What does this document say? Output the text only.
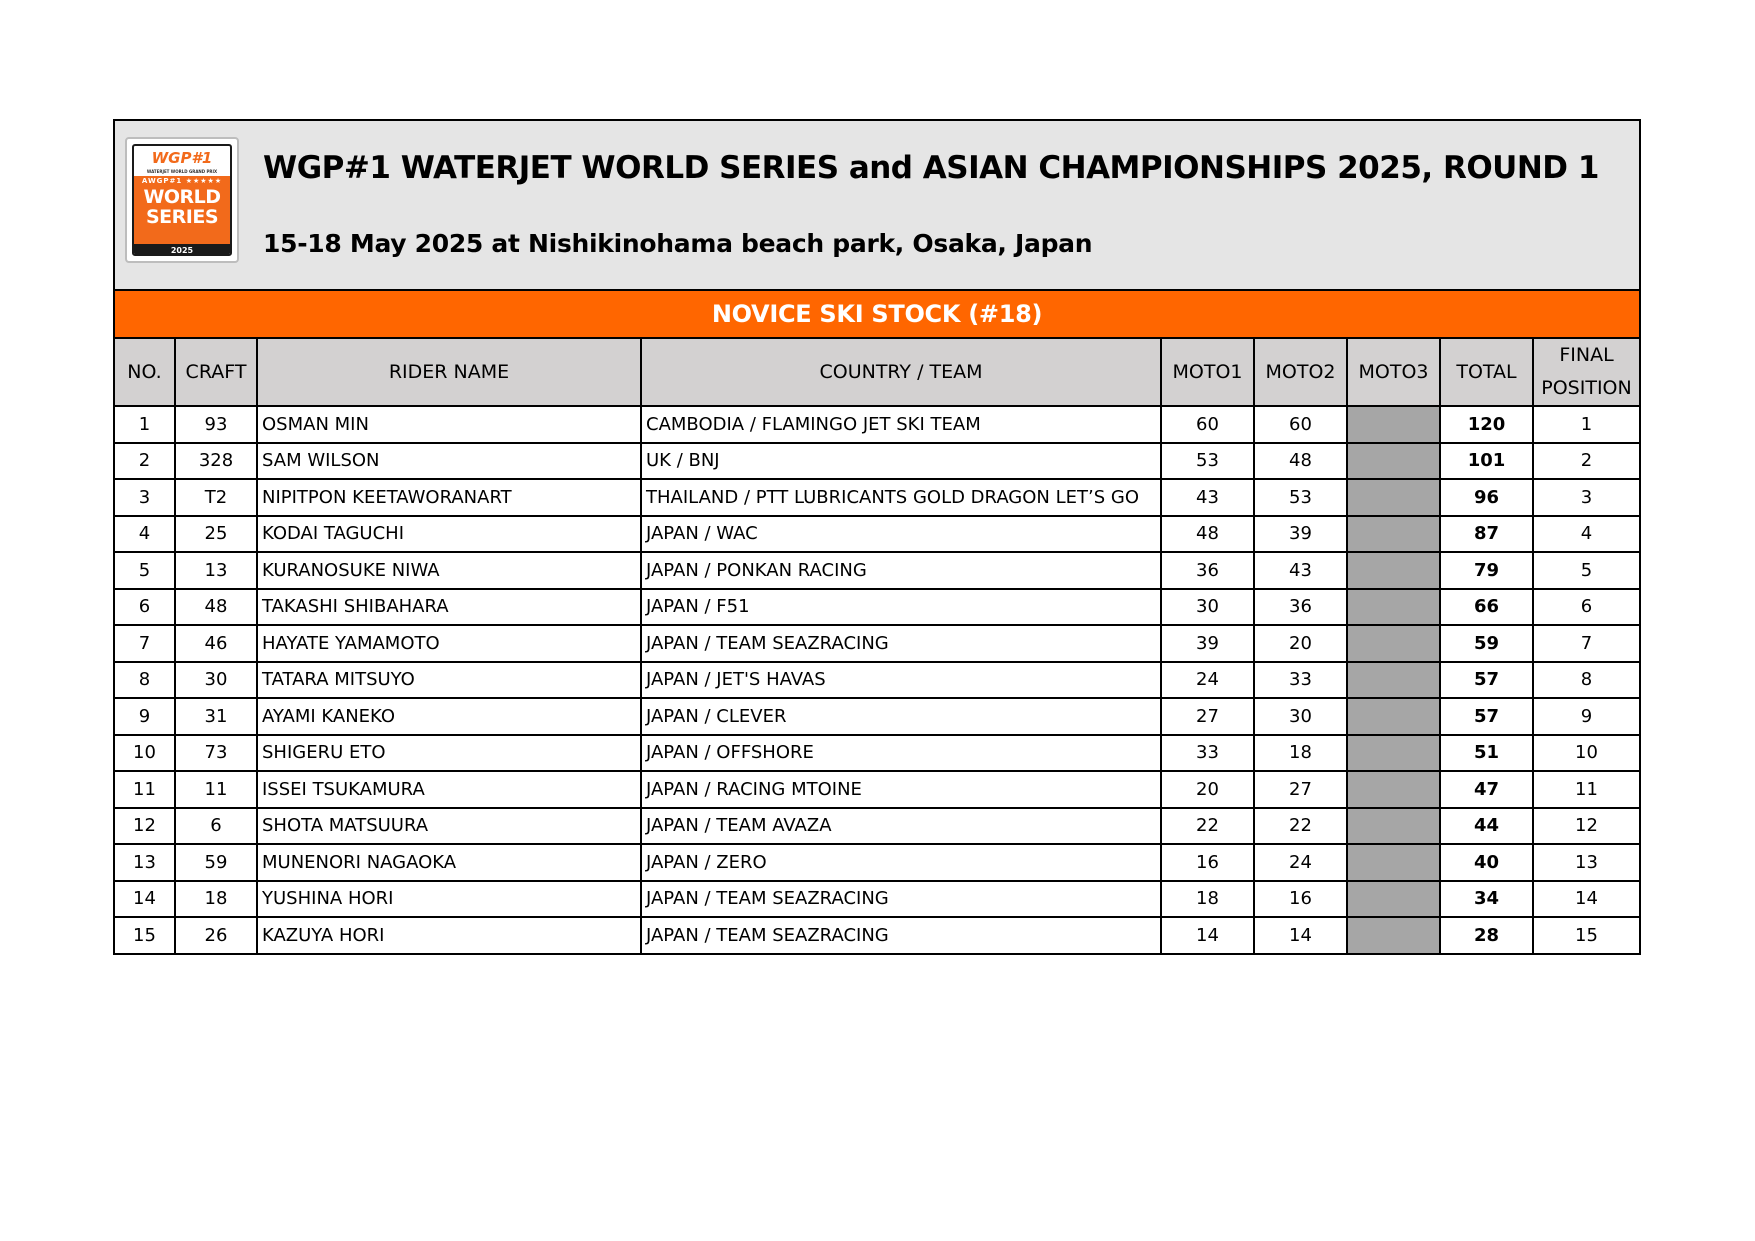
WGP#1
WATERJET WORLD GRAND PRIX
AWGP#1 ★★★★★
WORLD
SERIES
2025
WGP#1 WATERJET WORLD SERIES and ASIAN CHAMPIONSHIPS 2025, ROUND 1
15-18 May 2025 at Nishikinohama beach park, Osaka, Japan
NOVICE SKI STOCK (#18)
NO.	CRAFT	RIDER NAME	COUNTRY / TEAM	MOTO1	MOTO2	MOTO3	TOTAL	FINAL
POSITION
1	93	OSMAN MIN	CAMBODIA / FLAMINGO JET SKI TEAM	60	60		120	1
2	328	SAM WILSON	UK / BNJ	53	48		101	2
3	T2	NIPITPON KEETAWORANART	THAILAND / PTT LUBRICANTS GOLD DRAGON LET’S GO	43	53		96	3
4	25	KODAI TAGUCHI	JAPAN / WAC	48	39		87	4
5	13	KURANOSUKE NIWA	JAPAN / PONKAN RACING	36	43		79	5
6	48	TAKASHI SHIBAHARA	JAPAN / F51	30	36		66	6
7	46	HAYATE YAMAMOTO	JAPAN / TEAM SEAZRACING	39	20		59	7
8	30	TATARA MITSUYO	JAPAN / JET'S HAVAS	24	33		57	8
9	31	AYAMI KANEKO	JAPAN / CLEVER	27	30		57	9
10	73	SHIGERU ETO	JAPAN / OFFSHORE	33	18		51	10
11	11	ISSEI TSUKAMURA	JAPAN / RACING MTOINE	20	27		47	11
12	6	SHOTA MATSUURA	JAPAN / TEAM AVAZA	22	22		44	12
13	59	MUNENORI NAGAOKA	JAPAN / ZERO	16	24		40	13
14	18	YUSHINA HORI	JAPAN / TEAM SEAZRACING	18	16		34	14
15	26	KAZUYA HORI	JAPAN / TEAM SEAZRACING	14	14		28	15
